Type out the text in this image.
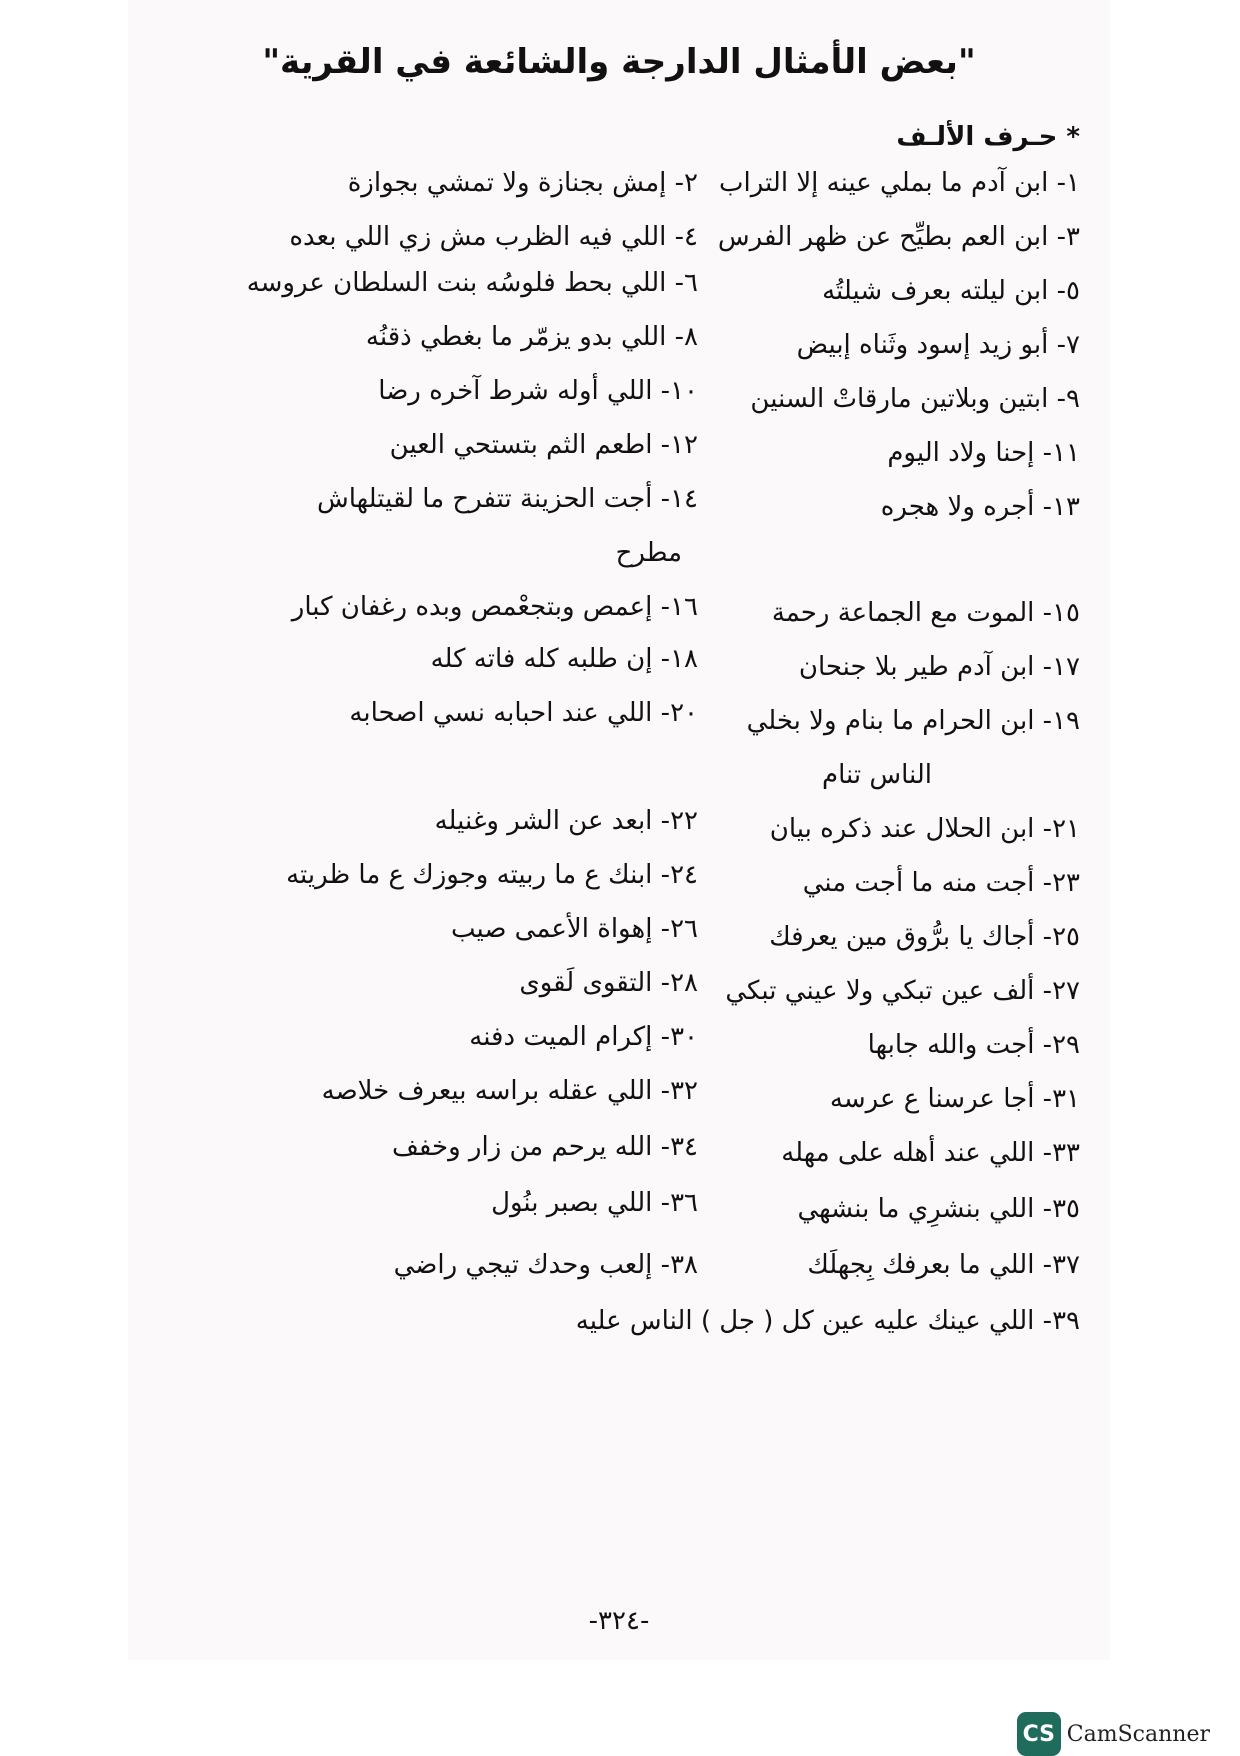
"بعض الأمثال الدارجة والشائعة في القرية"
* حـرف الألـف
١- ابن آدم ما بملي عينه إلا التراب
٢- إمش بجنازة ولا تمشي بجوازة
٣- ابن العم بطيِّح عن ظهر الفرس
٤- اللي فيه الظرب مش زي اللي بعده
٥- ابن ليلته بعرف شيلتُه
٦- اللي بحط فلوسُه بنت السلطان عروسه
٧- أبو زيد إسود وثَناه إبيض
٨- اللي بدو يزمّر ما بغطي ذقنُه
٩- ابتين وبلاتين مارقاتْ السنين
١٠- اللي أوله شرط آخره رضا
١١- إحنا ولاد اليوم
١٢- اطعم الثم بتستحي العين
١٣- أجره ولا هجره
١٤- أجت الحزينة تتفرح ما لقيتلهاش
مطرح
١٥- الموت مع الجماعة رحمة
١٦- إعمص وبتجعْمص وبده رغفان كبار
١٧- ابن آدم طير بلا جنحان
١٨- إن طلبه كله فاته كله
١٩- ابن الحرام ما بنام ولا بخلي
٢٠- اللي عند احبابه نسي اصحابه
الناس تنام
٢١- ابن الحلال عند ذكره بيان
٢٢- ابعد عن الشر وغنيله
٢٣- أجت منه ما أجت مني
٢٤- ابنك ع ما ربيته وجوزك ع ما ظريته
٢٥- أجاك يا برُّوق مين يعرفك
٢٦- إهواة الأعمى صيب
٢٧- ألف عين تبكي ولا عيني تبكي
٢٨- التقوى لَقوى
٢٩- أجت والله جابها
٣٠- إكرام الميت دفنه
٣١- أجا عرسنا ع عرسه
٣٢- اللي عقله براسه بيعرف خلاصه
٣٣- اللي عند أهله على مهله
٣٤- الله يرحم من زار وخفف
٣٥- اللي بنشرِي ما بنشهي
٣٦- اللي بصبر بنُول
٣٧- اللي ما بعرفك بِجهلَك
٣٨- إلعب وحدك تيجي راضي
٣٩- اللي عينك عليه عين كل ( جل ) الناس عليه
-٣٢٤-
CS CamScanner
